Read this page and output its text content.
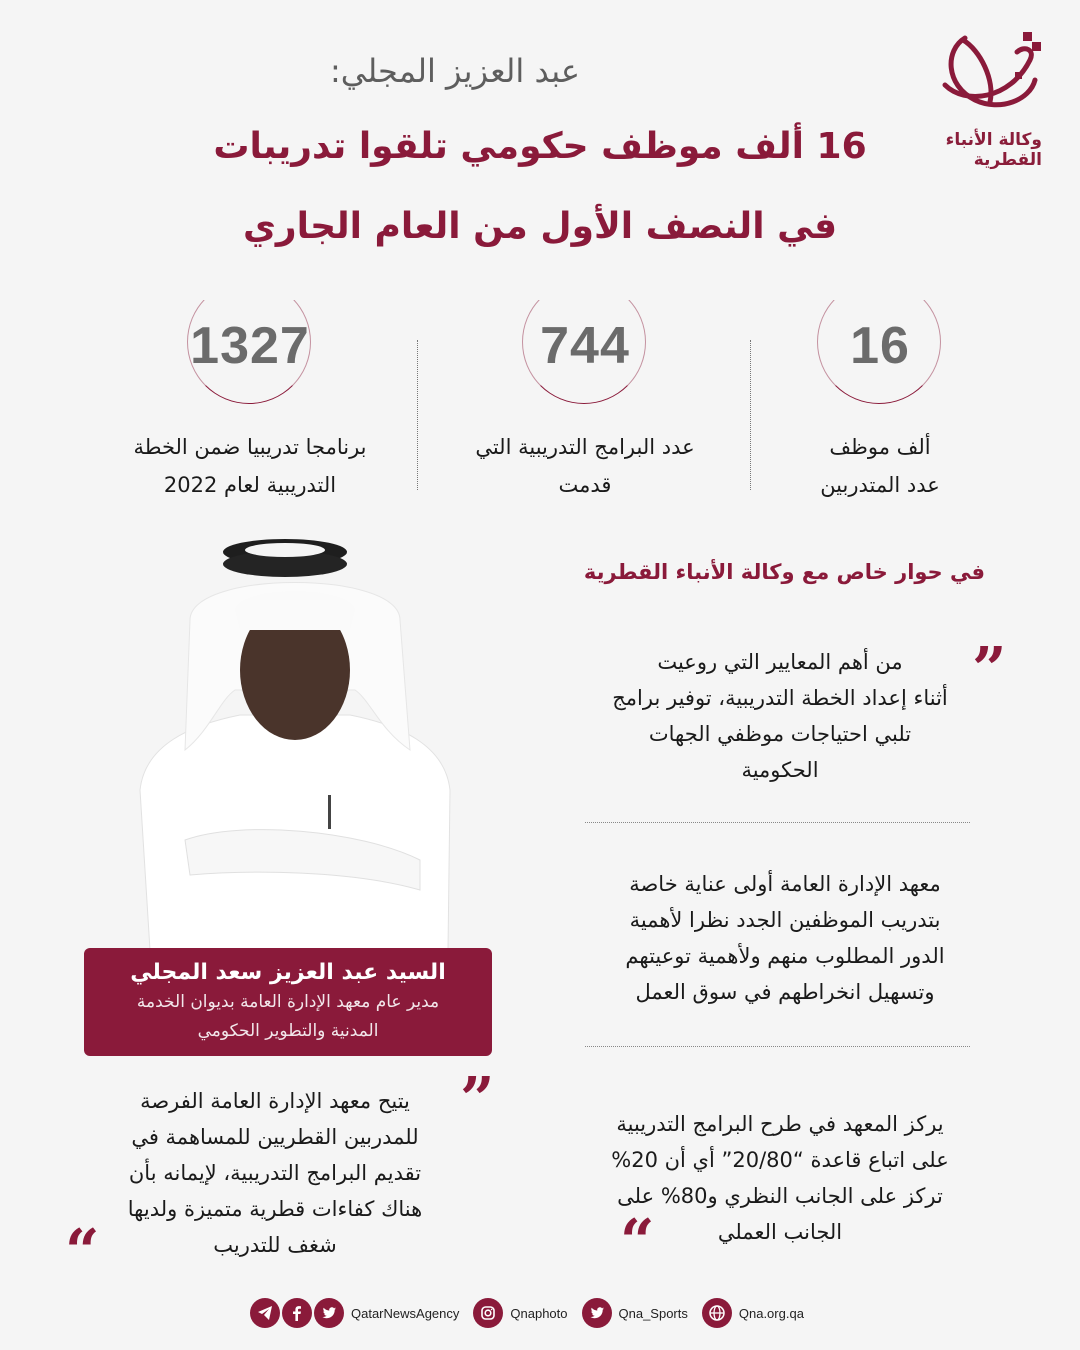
وكالة الأنباء
القطرية
عبد العزيز المجلي:
16 ألف موظف حكومي تلقوا تدريبات
في النصف الأول من العام الجاري
16
ألف موظف
عدد المتدربين
744
عدد البرامج التدريبية التي
قدمت
1327
برنامجا تدريبيا ضمن الخطة
التدريبية لعام 2022
في حوار خاص مع وكالة الأنباء القطرية
”
من أهم المعايير التي روعيت
أثناء إعداد الخطة التدريبية، توفير برامج
تلبي احتياجات موظفي الجهات
الحكومية
معهد الإدارة العامة أولى عناية خاصة
بتدريب الموظفين الجدد نظرا لأهمية
الدور المطلوب منهم ولأهمية توعيتهم
وتسهيل انخراطهم في سوق العمل
يركز المعهد في طرح البرامج التدريبية
على اتباع قاعدة “20/80” أي أن 20%
تركز على الجانب النظري و80% على
الجانب العملي
“
السيد عبد العزيز سعد المجلي
مدير عام معهد الإدارة العامة بديوان الخدمة
المدنية والتطوير الحكومي
”
يتيح معهد الإدارة العامة الفرصة
للمدربين القطريين للمساهمة في
تقديم البرامج التدريبية، لإيمانه بأن
هناك كفاءات قطرية متميزة ولديها
شغف للتدريب
“
QatarNewsAgency	Qnaphoto	Qna_Sports	Qna.org.qa
